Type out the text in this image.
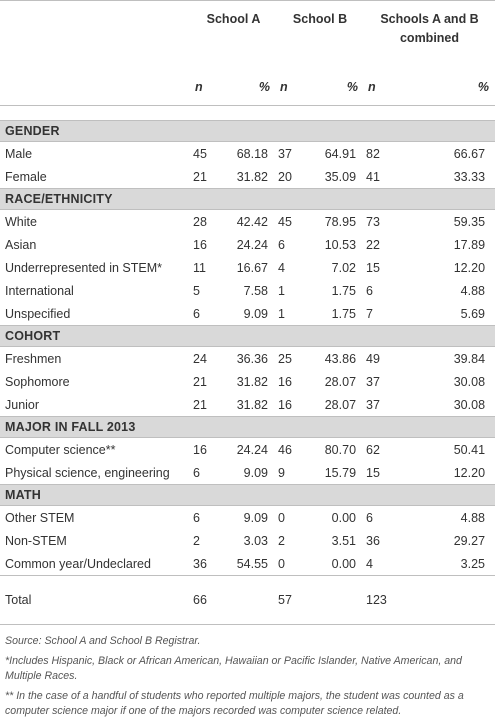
	School A		School B		Schools A and B combined	
	n	%	n	%	n	%

GENDER						
Male	45	68.18	37	64.91	82	66.67
Female	21	31.82	20	35.09	41	33.33
RACE/ETHNICITY						
White	28	42.42	45	78.95	73	59.35
Asian	16	24.24	6	10.53	22	17.89
Underrepresented in STEM*	11	16.67	4	7.02	15	12.20
International	5	7.58	1	1.75	6	4.88
Unspecified	6	9.09	1	1.75	7	5.69
COHORT						
Freshmen	24	36.36	25	43.86	49	39.84
Sophomore	21	31.82	16	28.07	37	30.08
Junior	21	31.82	16	28.07	37	30.08
MAJOR IN FALL 2013						
Computer science**	16	24.24	46	80.70	62	50.41
Physical science, engineering	6	9.09	9	15.79	15	12.20
MATH						
Other STEM	6	9.09	0	0.00	6	4.88
Non-STEM	2	3.03	2	3.51	36	29.27
Common year/Undeclared	36	54.55	0	0.00	4	3.25
Total	66		57		123	

Source: School A and School B Registrar.

*Includes Hispanic, Black or African American, Hawaiian or Pacific Islander, Native American, and Multiple Races.

** In the case of a handful of students who reported multiple majors, the student was counted as a computer science major if one of the majors recorded was computer science related.
